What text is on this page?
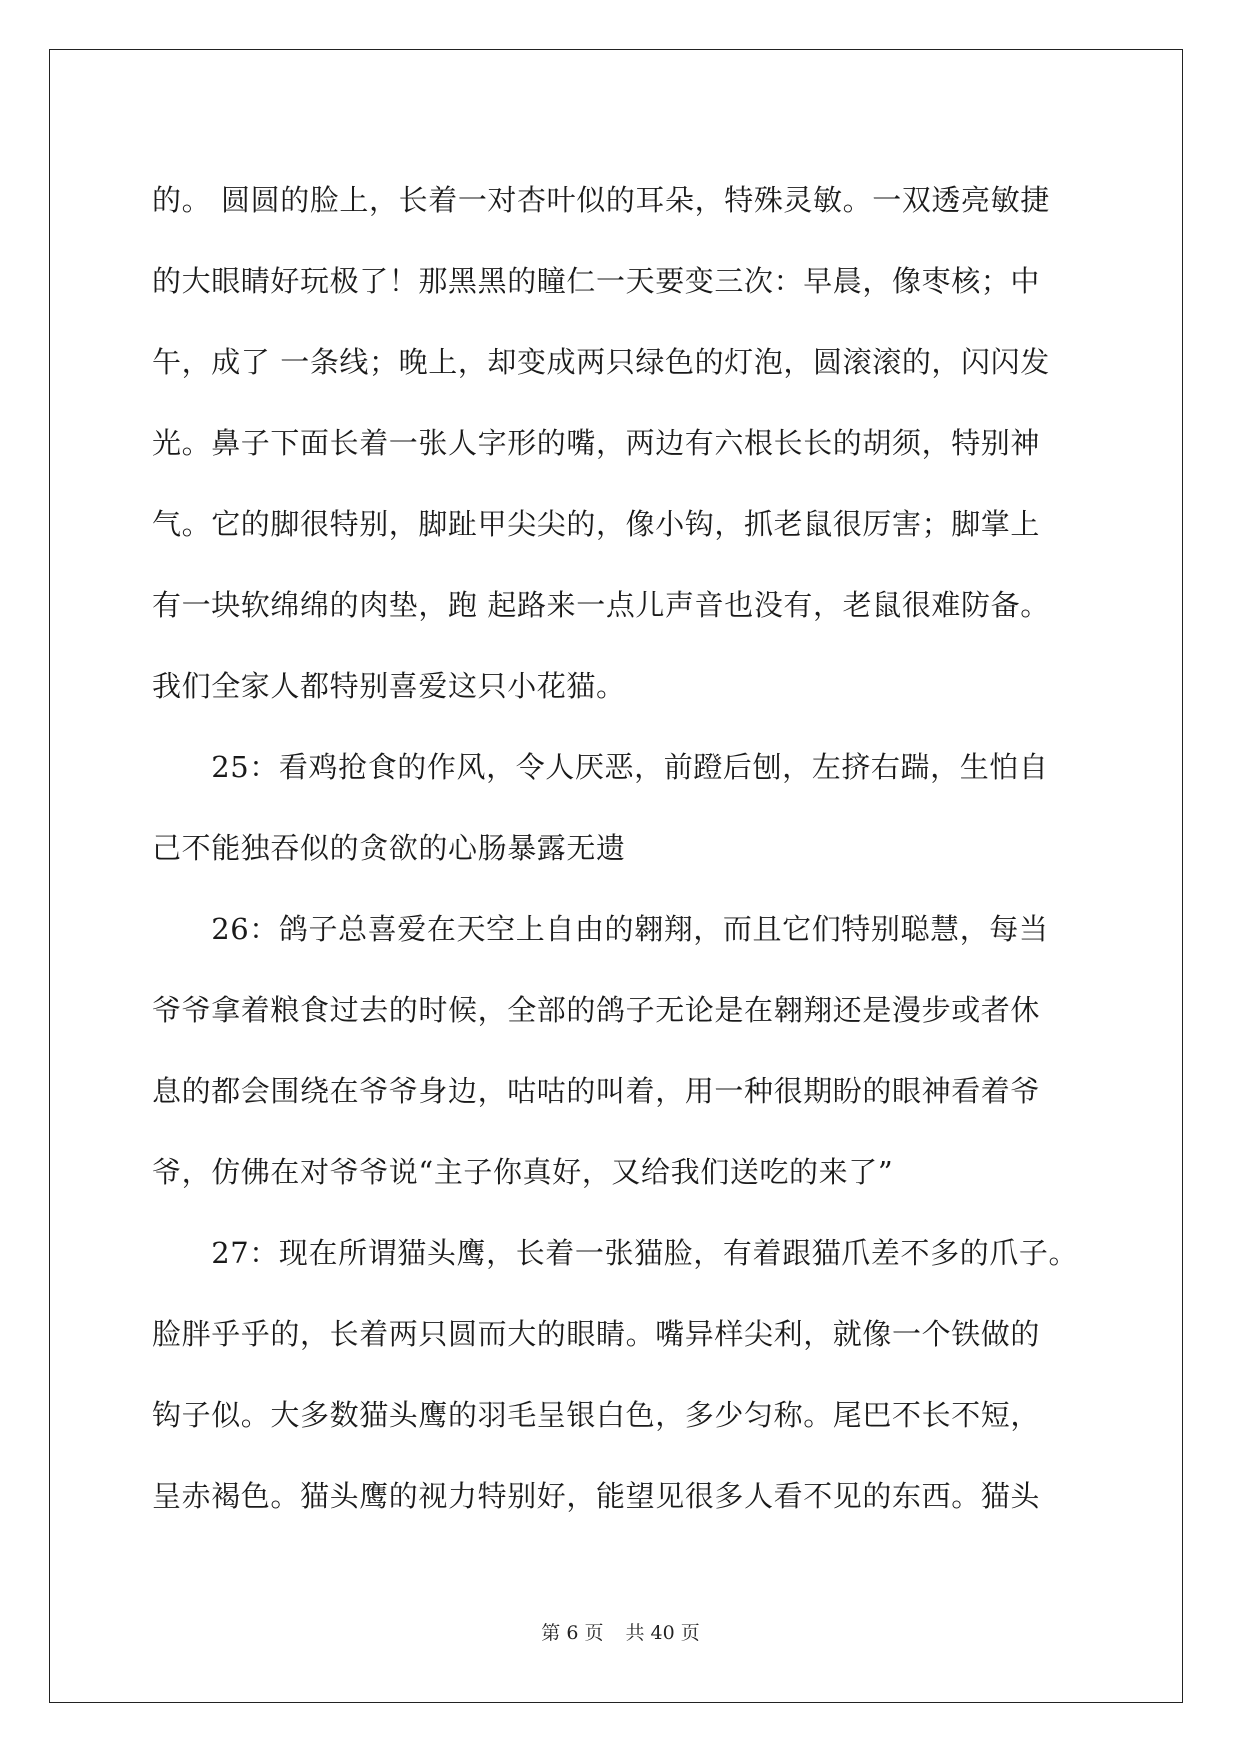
的。 圆圆的脸上，长着一对杏叶似的耳朵，特殊灵敏。一双透亮敏捷
的大眼睛好玩极了！那黑黑的瞳仁一天要变三次：早晨，像枣核；中
午，成了 一条线；晚上，却变成两只绿色的灯泡，圆滚滚的，闪闪发
光。鼻子下面长着一张人字形的嘴，两边有六根长长的胡须，特别神
气。它的脚很特别，脚趾甲尖尖的，像小钩，抓老鼠很厉害；脚掌上
有一块软绵绵的肉垫，跑 起路来一点儿声音也没有，老鼠很难防备。
我们全家人都特别喜爱这只小花猫。
　　25：看鸡抢食的作风，令人厌恶，前蹬后刨，左挤右踹，生怕自
己不能独吞似的贪欲的心肠暴露无遗
　　26：鸽子总喜爱在天空上自由的翱翔，而且它们特别聪慧，每当
爷爷拿着粮食过去的时候，全部的鸽子无论是在翱翔还是漫步或者休
息的都会围绕在爷爷身边，咕咕的叫着，用一种很期盼的眼神看着爷
爷，仿佛在对爷爷说“主子你真好，又给我们送吃的来了”
　　27：现在所谓猫头鹰，长着一张猫脸，有着跟猫爪差不多的爪子。
脸胖乎乎的，长着两只圆而大的眼睛。嘴异样尖利，就像一个铁做的
钩子似。大多数猫头鹰的羽毛呈银白色，多少匀称。尾巴不长不短，
呈赤褐色。猫头鹰的视力特别好，能望见很多人看不见的东西。猫头
第 6 页 共 40 页
